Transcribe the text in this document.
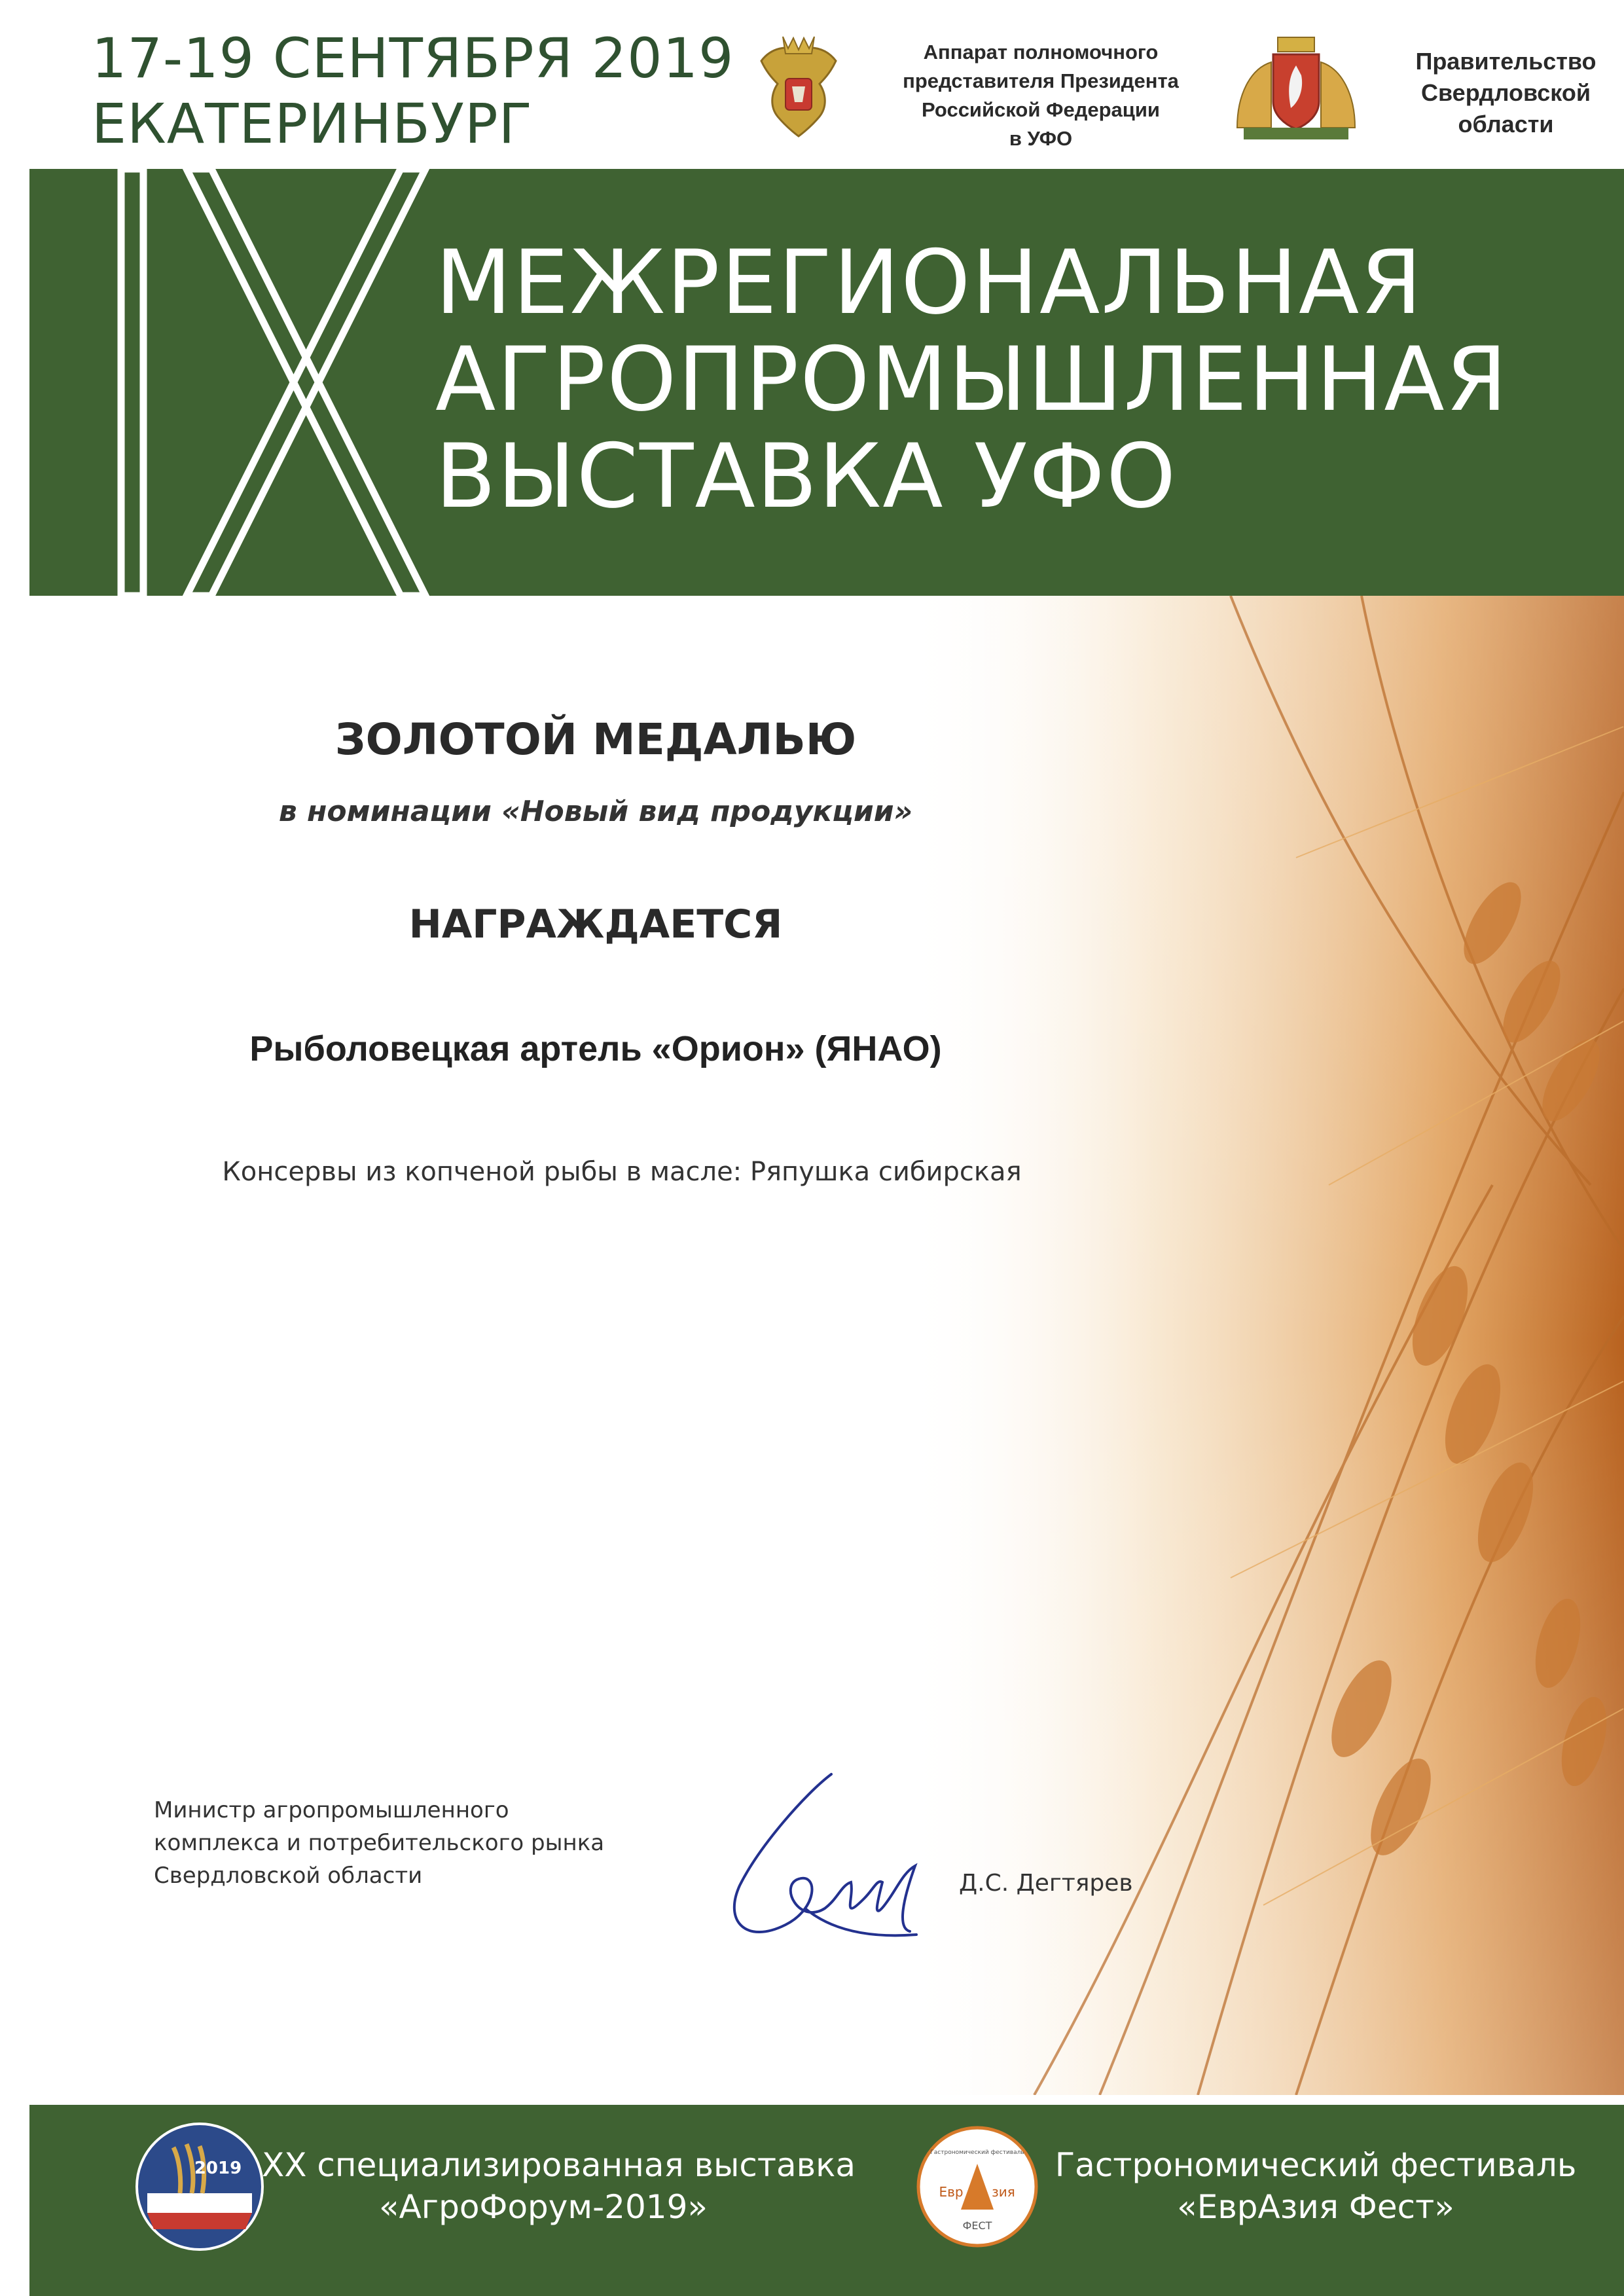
17-19 СЕНТЯБРЯ 2019
ЕКАТЕРИНБУРГ
Аппарат полномочного
представителя Президента
Российской Федерации
в УФО
Правительство
Свердловской
области
МЕЖРЕГИОНАЛЬНАЯ
АГРОПРОМЫШЛЕННАЯ
ВЫСТАВКА УФО
ЗОЛОТОЙ МЕДАЛЬЮ
в номинации «Новый вид продукции»
НАГРАЖДАЕТСЯ
Рыболовецкая артель «Орион» (ЯНАО)
Консервы из копченой рыбы в масле: Ряпушка сибирская
Министр агропромышленного
комплекса и потребительского рынка
Свердловской области	Д.С. Дегтярев
2019 XX специализированная выставка
«АгроФорум-2019»
Гастрономический фестиваль
Евр зия
ФЕСТ
Гастрономический фестиваль
«ЕврАзия Фест»
